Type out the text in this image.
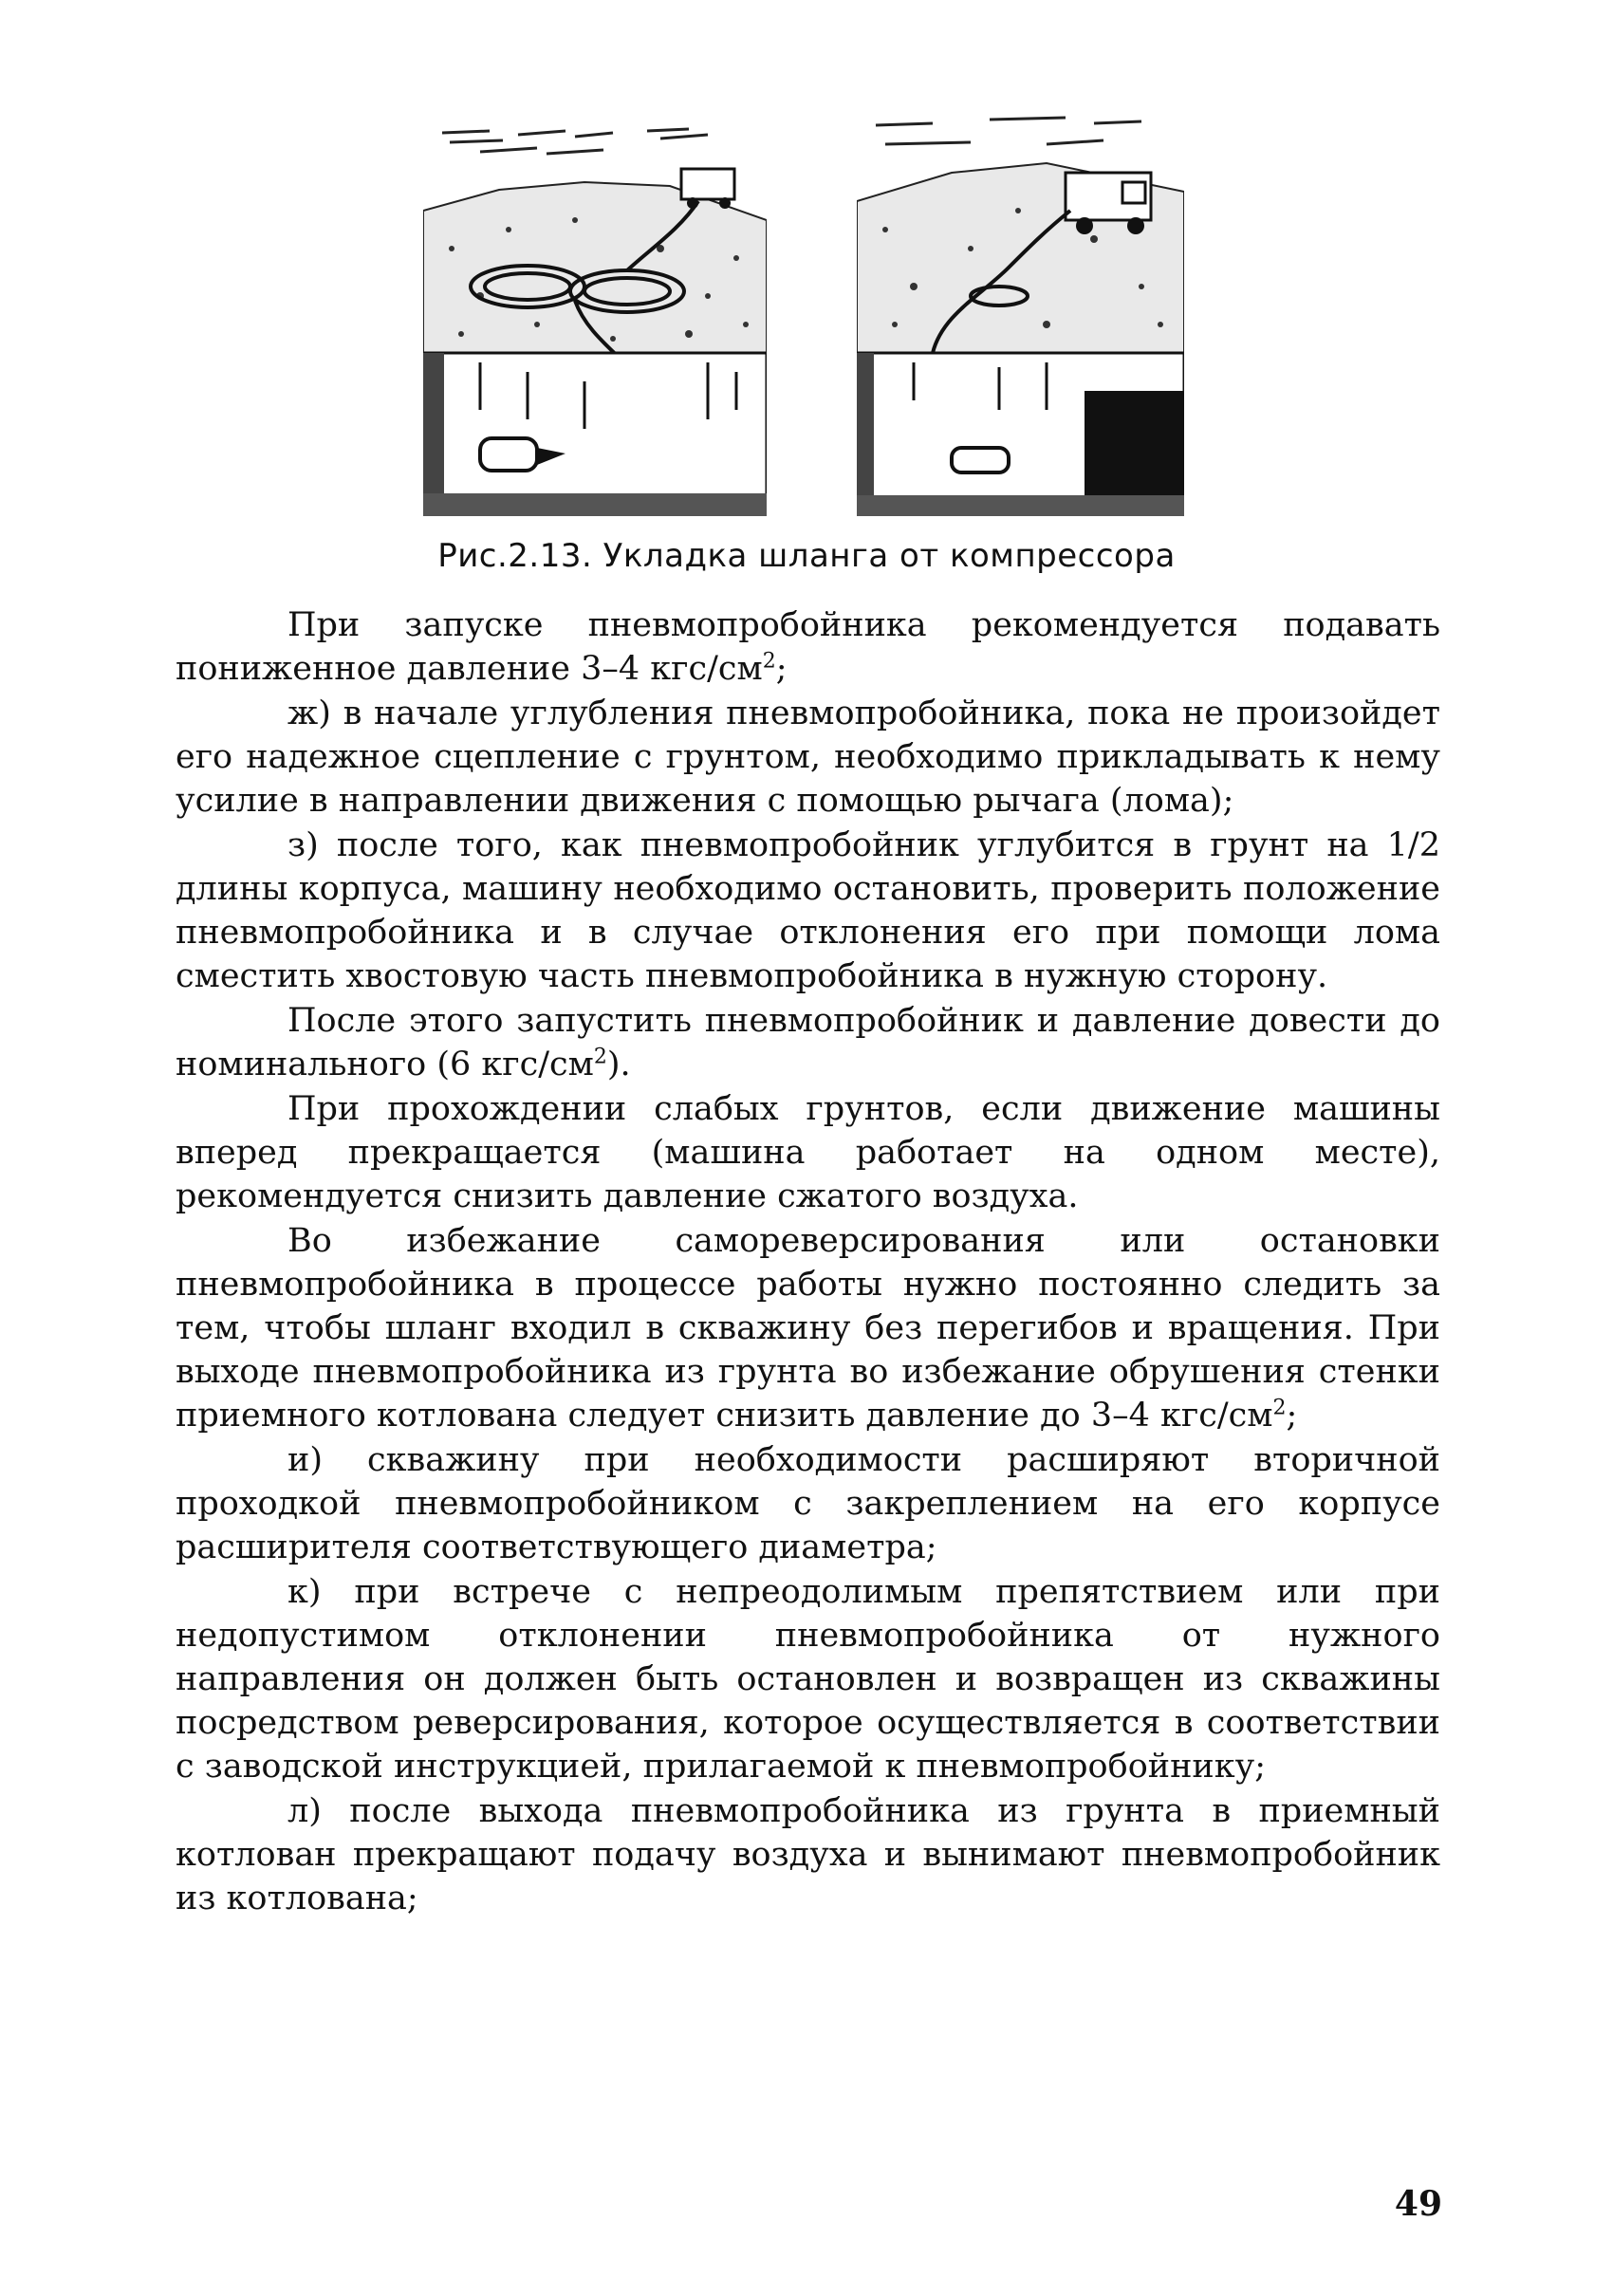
Рис.2.13. Укладка шланга от компрессора

При запуске пневмопробойника рекомендуется подавать пониженное давление 3–4 кгс/$см^2$;

ж) в начале углубления пневмопробойника, пока не произойдет его надежное сцепление с грунтом, необходимо прикладывать к нему усилие в направлении движения с помощью рычага (лома);

з) после того, как пневмопробойник углубится в грунт на 1/2 длины корпуса, машину необходимо остановить, проверить положение пневмопробойника и в случае отклонения его при помощи лома сместить хвостовую часть пневмопробойника в нужную сторону.

После этого запустить пневмопробойник и давление довести до номинального (6 кгс/$см^2$).

При прохождении слабых грунтов, если движение машины вперед прекращается (машина работает на одном месте), рекомендуется снизить давление сжатого воздуха.

Во избежание самореверсирования или остановки пневмопробойника в процессе работы нужно постоянно следить за тем, чтобы шланг входил в скважину без перегибов и вращения. При выходе пневмопробойника из грунта во избежание обрушения стенки приемного котлована следует снизить давление до 3–4 кгс/$см^2$;

и) скважину при необходимости расширяют вторичной проходкой пневмопробойником с закреплением на его корпусе расширителя соответствующего диаметра;

к) при встрече с непреодолимым препятствием или при недопустимом отклонении пневмопробойника от нужного направления он должен быть остановлен и возвращен из скважины посредством реверсирования, которое осуществляется в соответствии с заводской инструкцией, прилагаемой к пневмопробойнику;

л) после выхода пневмопробойника из грунта в приемный котлован прекращают подачу воздуха и вынимают пневмопробойник из котлована;

49
